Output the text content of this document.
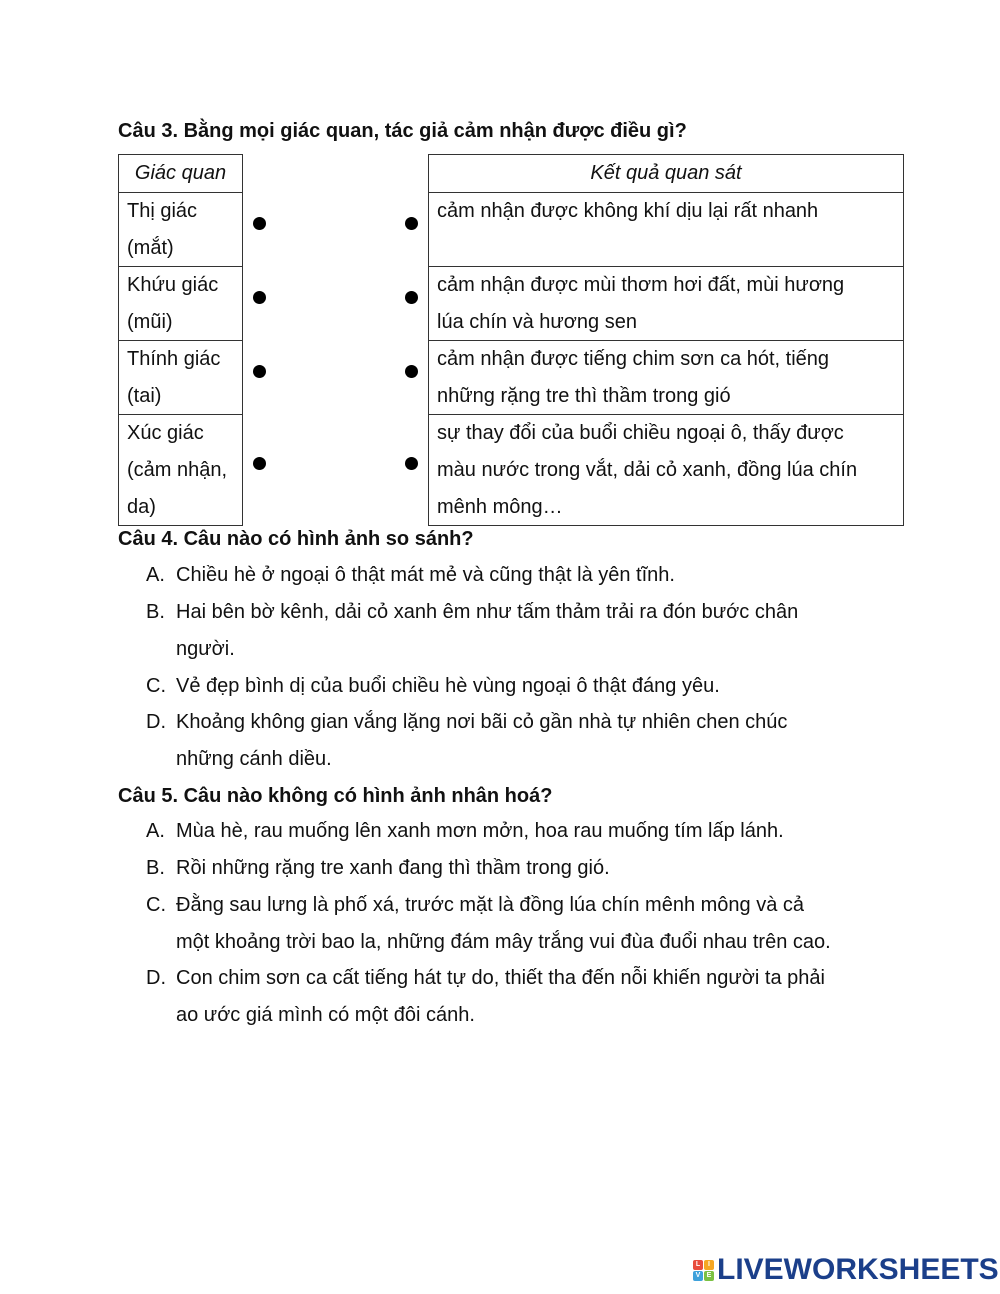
Câu 3. Bằng mọi giác quan, tác giả cảm nhận được điều gì?
Giác quan
Thị giác
(mắt)
Khứu giác
(mũi)
Thính giác
(tai)
Xúc giác
(cảm nhận,
da)
Kết quả quan sát
cảm nhận được không khí dịu lại rất nhanh
cảm nhận được mùi thơm hơi đất, mùi hương
lúa chín và hương sen
cảm nhận được tiếng chim sơn ca hót, tiếng
những rặng tre thì thầm trong gió
sự thay đổi của buổi chiều ngoại ô, thấy được
màu nước trong vắt, dải cỏ xanh, đồng lúa chín
mênh mông…
Câu 4. Câu nào có hình ảnh so sánh?
A. Chiều hè ở ngoại ô thật mát mẻ và cũng thật là yên tĩnh.
B. Hai bên bờ kênh, dải cỏ xanh êm như tấm thảm trải ra đón bước chân
người.
C. Vẻ đẹp bình dị của buổi chiều hè vùng ngoại ô thật đáng yêu.
D. Khoảng không gian vắng lặng nơi bãi cỏ gần nhà tự nhiên chen chúc
những cánh diều.
Câu 5. Câu nào không có hình ảnh nhân hoá?
A. Mùa hè, rau muống lên xanh mơn mởn, hoa rau muống tím lấp lánh.
B. Rồi những rặng tre xanh đang thì thầm trong gió.
C. Đằng sau lưng là phố xá, trước mặt là đồng lúa chín mênh mông và cả
một khoảng trời bao la, những đám mây trắng vui đùa đuổi nhau trên cao.
D. Con chim sơn ca cất tiếng hát tự do, thiết tha đến nỗi khiến người ta phải
ao ước giá mình có một đôi cánh.
L	I
V E LIVEWORKSHEETS
